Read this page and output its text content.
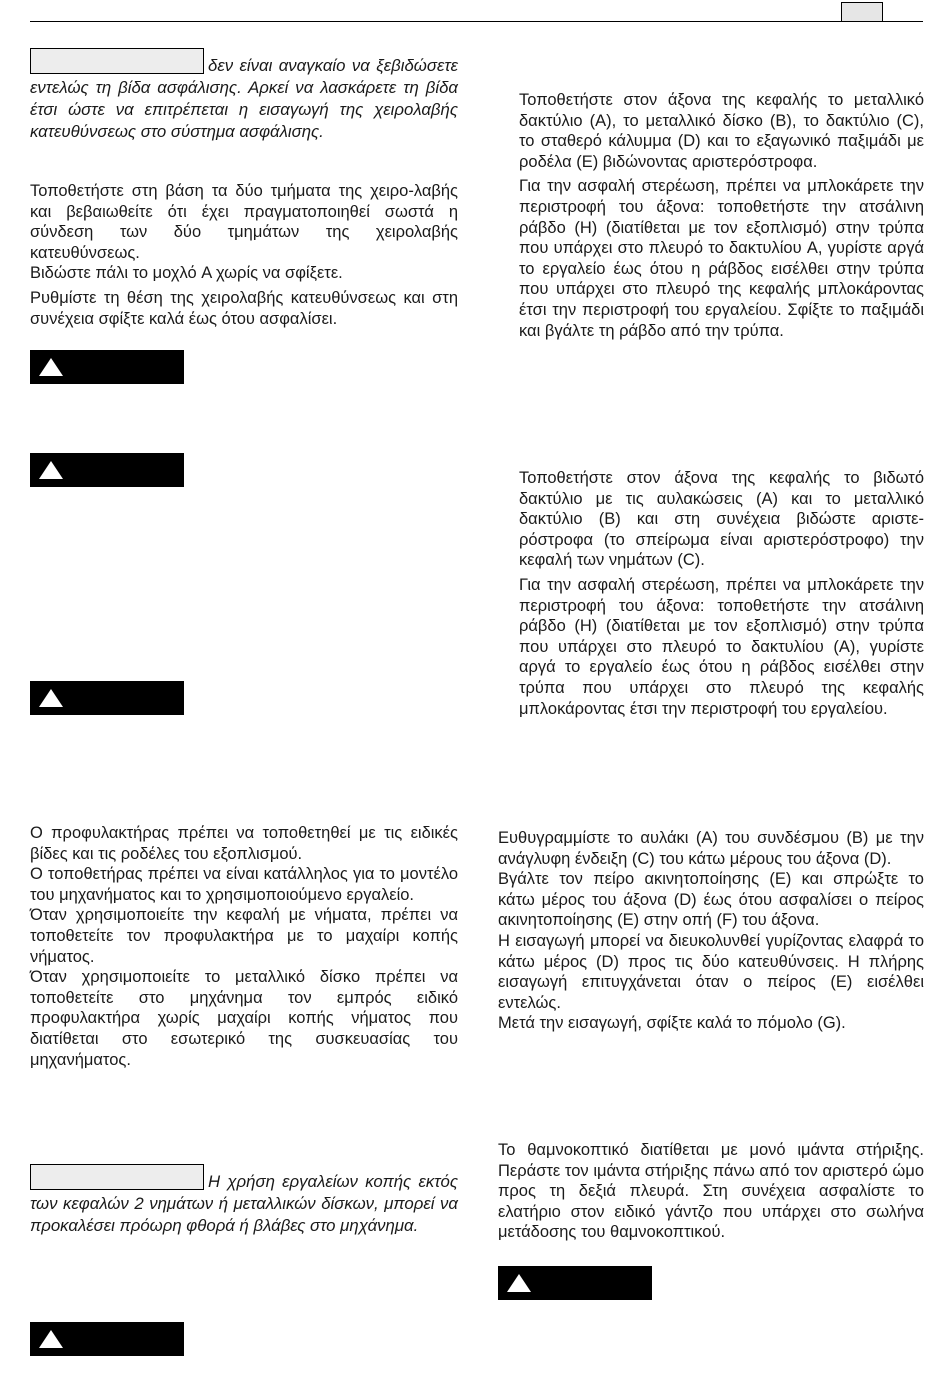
δεν είναι αναγκαίο να ξεβιδώσετε εντελώς τη βίδα ασφάλισης. Αρκεί να λασκάρετε τη βίδα έτσι ώστε να επιτρέπεται η εισαγωγή της χειρολαβής κατευθύνσεως στο σύστημα ασφάλισης.

Τοποθετήστε στη βάση τα δύο τμήματα της χειρο-λαβής και βεβαιωθείτε ότι έχει πραγματοποιηθεί σωστά η σύνδεση των δύο τμημάτων της χειρολαβής κατευθύνσεως.

Βιδώστε πάλι το μοχλό A χωρίς να σφίξετε.

Ρυθμίστε τη θέση της χειρολαβής κατευθύνσεως και στη συνέχεια σφίξτε καλά έως ότου ασφαλίσει.

Ο προφυλακτήρας πρέπει να τοποθετηθεί με τις ειδικές βίδες και τις ροδέλες του εξοπλισμού.

Ο τοποθετήρας πρέπει να είναι κατάλληλος για το μοντέλο του μηχανήματος και το χρησιμοποιούμενο εργαλείο.

Όταν χρησιμοποιείτε την κεφαλή με νήματα, πρέπει να τοποθετείτε τον προφυλακτήρα με το μαχαίρι κοπής νήματος.

Όταν χρησιμοποιείτε το μεταλλικό δίσκο πρέπει να τοποθετείτε στο μηχάνημα τον εμπρός ειδικό προφυλακτήρα χωρίς μαχαίρι κοπής νήματος που διατίθεται στο εσωτερικό της συσκευασίας του μηχανήματος.

Η χρήση εργαλείων κοπής εκτός των κεφαλών 2 νημάτων ή μεταλλικών δίσκων, μπορεί να προκαλέσει πρόωρη φθορά ή βλάβες στο μηχάνημα.

Τοποθετήστε στον άξονα της κεφαλής το μεταλλικό δακτύλιο (A), το μεταλλικό δίσκο (B), το δακτύλιο (C), το σταθερό κάλυμμα (D) και το εξαγωνικό παξιμάδι με ροδέλα (E) βιδώνοντας αριστερόστροφα.

Για την ασφαλή στερέωση, πρέπει να μπλοκάρετε την περιστροφή του άξονα: τοποθετήστε την ατσάλινη ράβδο (H) (διατίθεται με τον εξοπλισμό) στην τρύπα που υπάρχει στο πλευρό το δακτυλίου A, γυρίστε αργά το εργαλείο έως ότου η ράβδος εισέλθει στην τρύπα που υπάρχει στο πλευρό της κεφαλής μπλοκάροντας έτσι την περιστροφή του εργαλείου. Σφίξτε το παξιμάδι και βγάλτε τη ράβδο από την τρύπα.

Τοποθετήστε στον άξονα της κεφαλής το βιδωτό δακτύλιο με τις αυλακώσεις (A) και το μεταλλικό δακτύλιο (B) και στη συνέχεια βιδώστε αριστε-ρόστροφα (το σπείρωμα είναι αριστερόστροφο) την κεφαλή των νημάτων (C).

Για την ασφαλή στερέωση, πρέπει να μπλοκάρετε την περιστροφή του άξονα: τοποθετήστε την ατσάλινη ράβδο (H) (διατίθεται με τον εξοπλισμό) στην τρύπα που υπάρχει στο πλευρό το δακτυλίου (A), γυρίστε αργά το εργαλείο έως ότου η ράβδος εισέλθει στην τρύπα που υπάρχει στο πλευρό της κεφαλής μπλοκάροντας έτσι την περιστροφή του εργαλείου.

Ευθυγραμμίστε το αυλάκι (A) του συνδέσμου (B) με την ανάγλυφη ένδειξη (C) του κάτω μέρους του άξονα (D).

Βγάλτε τον πείρο ακινητοποίησης (E) και σπρώξτε το κάτω μέρος του άξονα (D) έως ότου ασφαλίσει ο πείρος ακινητοποίησης (E) στην οπή (F) του άξονα.

Η εισαγωγή μπορεί να διευκολυνθεί γυρίζοντας ελαφρά το κάτω μέρος (D) προς τις δύο κατευθύνσεις. Η πλήρης εισαγωγή επιτυγχάνεται όταν ο πείρος (E) εισέλθει εντελώς.

Μετά την εισαγωγή, σφίξτε καλά το πόμολο (G).

Το θαμνοκοπτικό διατίθεται με μονό ιμάντα στήριξης. Περάστε τον ιμάντα στήριξης πάνω από τον αριστερό ώμο προς τη δεξιά πλευρά. Στη συνέχεια ασφαλίστε το ελατήριο στον ειδικό γάντζο που υπάρχει στο σωλήνα μετάδοσης του θαμνοκοπτικού.
